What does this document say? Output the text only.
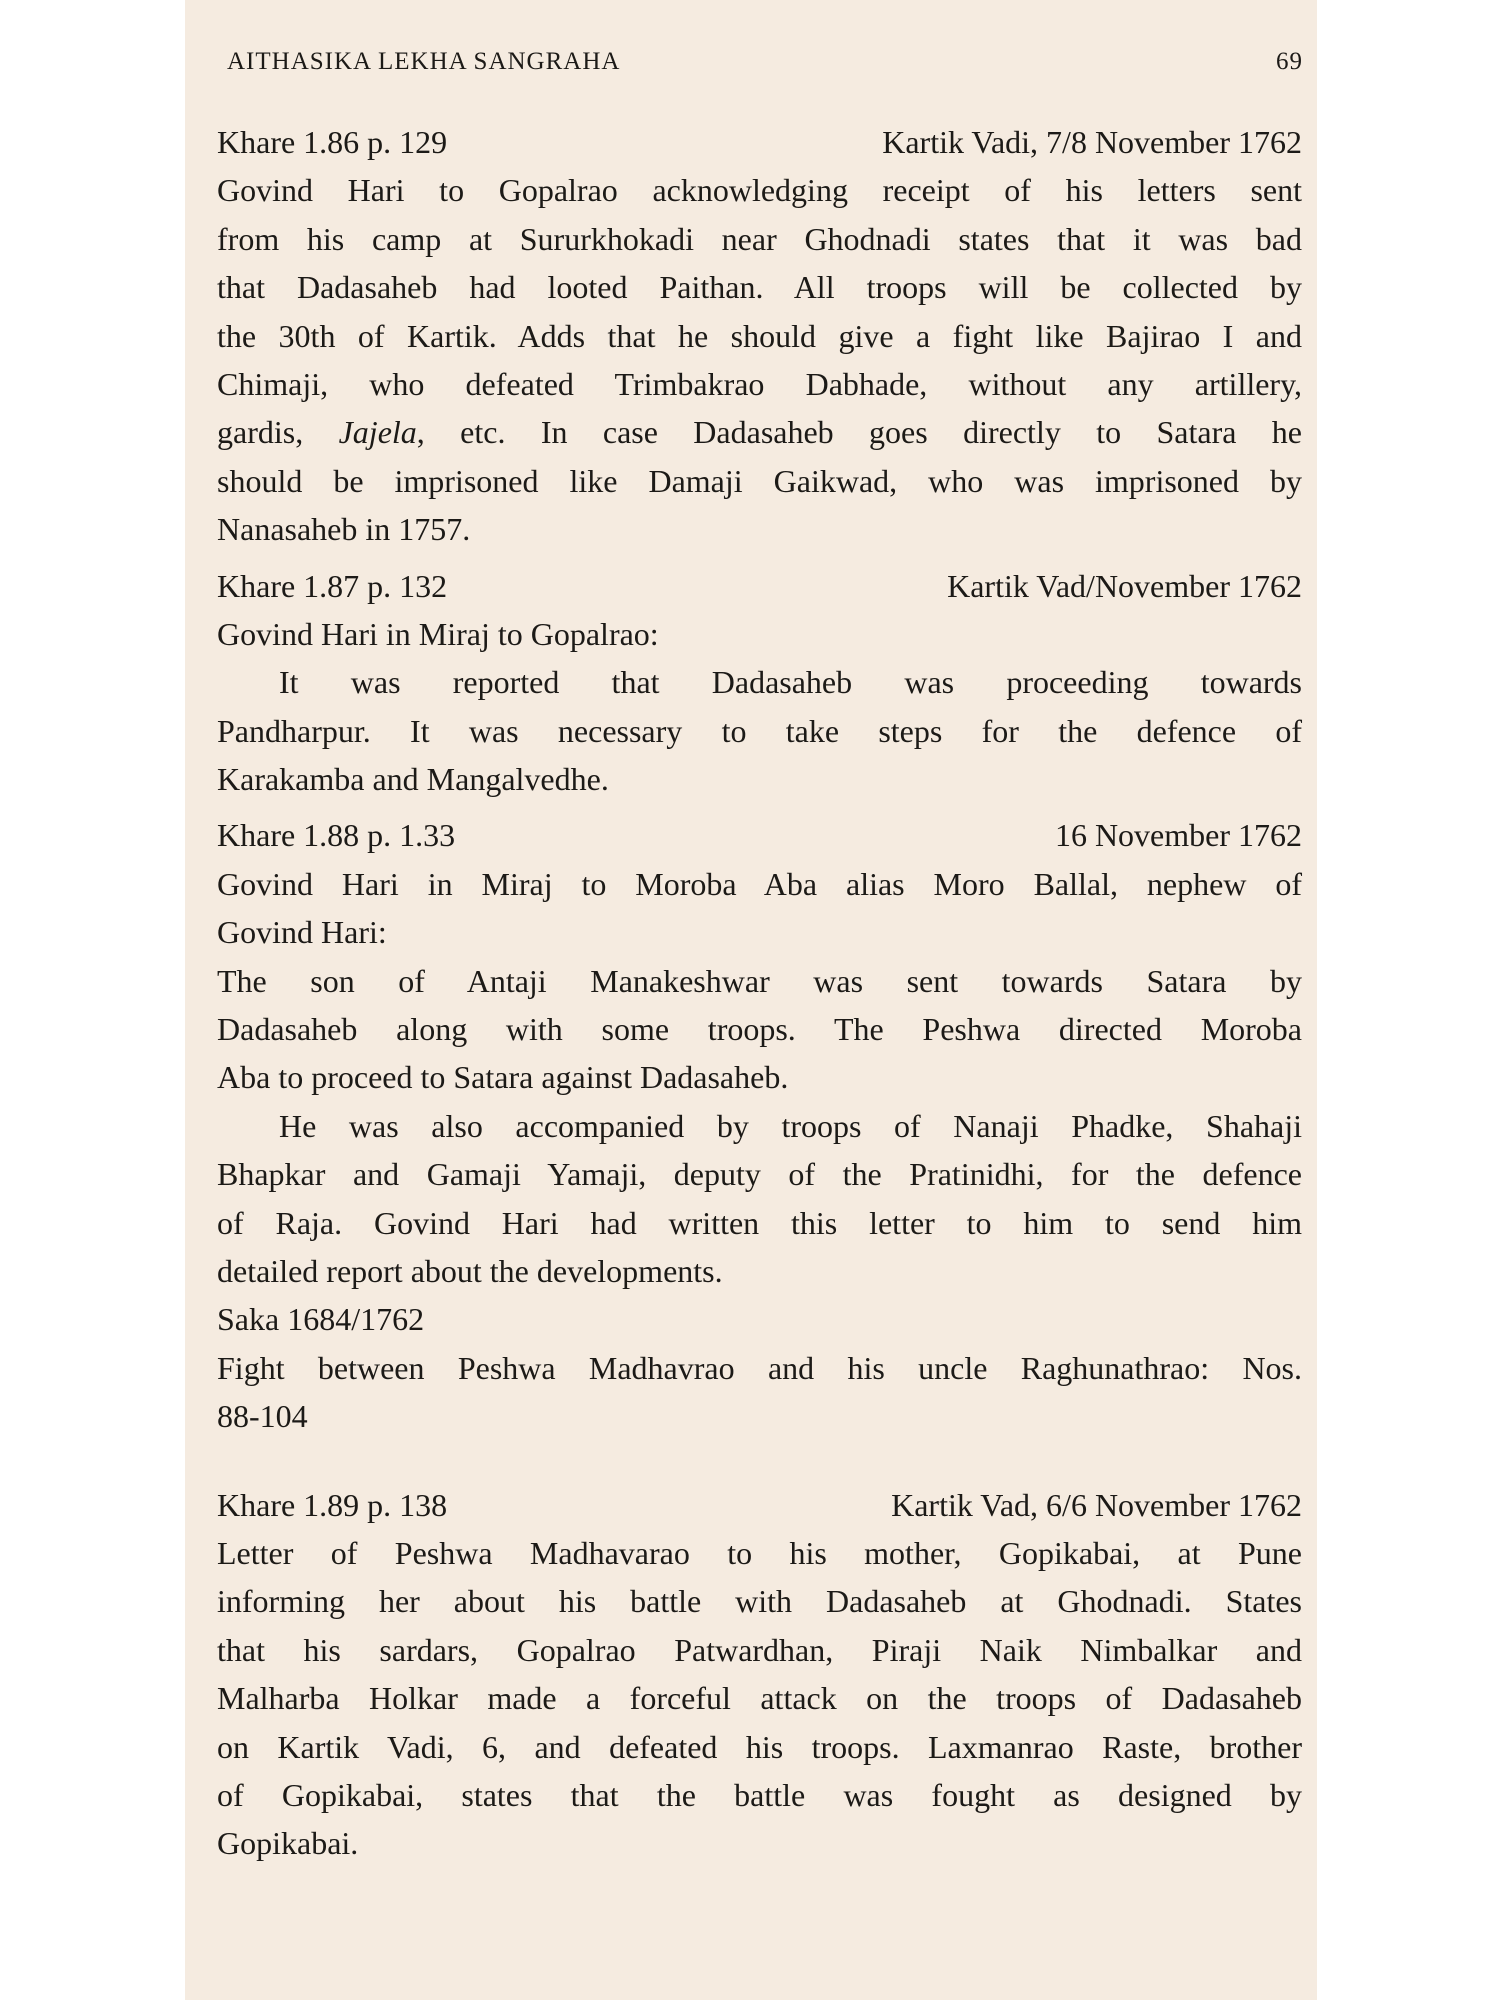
AITHASIKA LEKHA SANGRAHA	69
Khare 1.86 p. 129	Kartik Vadi, 7/8 November 1762
Govind Hari to Gopalrao acknowledging receipt of his letters sent
from his camp at Sururkhokadi near Ghodnadi states that it was bad
that Dadasaheb had looted Paithan. All troops will be collected by
the 30th of Kartik. Adds that he should give a fight like Bajirao I and
Chimaji, who defeated Trimbakrao Dabhade, without any artillery,
gardis, Jajela, etc. In case Dadasaheb goes directly to Satara he
should be imprisoned like Damaji Gaikwad, who was imprisoned by
Nanasaheb in 1757.
Khare 1.87 p. 132	Kartik Vad/November 1762
Govind Hari in Miraj to Gopalrao:
It was reported that Dadasaheb was proceeding towards
Pandharpur. It was necessary to take steps for the defence of
Karakamba and Mangalvedhe.
Khare 1.88 p. 1.33	16 November 1762
Govind Hari in Miraj to Moroba Aba alias Moro Ballal, nephew of
Govind Hari:
The son of Antaji Manakeshwar was sent towards Satara by
Dadasaheb along with some troops. The Peshwa directed Moroba
Aba to proceed to Satara against Dadasaheb.
He was also accompanied by troops of Nanaji Phadke, Shahaji
Bhapkar and Gamaji Yamaji, deputy of the Pratinidhi, for the defence
of Raja. Govind Hari had written this letter to him to send him
detailed report about the developments.
Saka 1684/1762
Fight between Peshwa Madhavrao and his uncle Raghunathrao: Nos.
88-104
Khare 1.89 p. 138	Kartik Vad, 6/6 November 1762
Letter of Peshwa Madhavarao to his mother, Gopikabai, at Pune
informing her about his battle with Dadasaheb at Ghodnadi. States
that his sardars, Gopalrao Patwardhan, Piraji Naik Nimbalkar and
Malharba Holkar made a forceful attack on the troops of Dadasaheb
on Kartik Vadi, 6, and defeated his troops. Laxmanrao Raste, brother
of Gopikabai, states that the battle was fought as designed by
Gopikabai.
